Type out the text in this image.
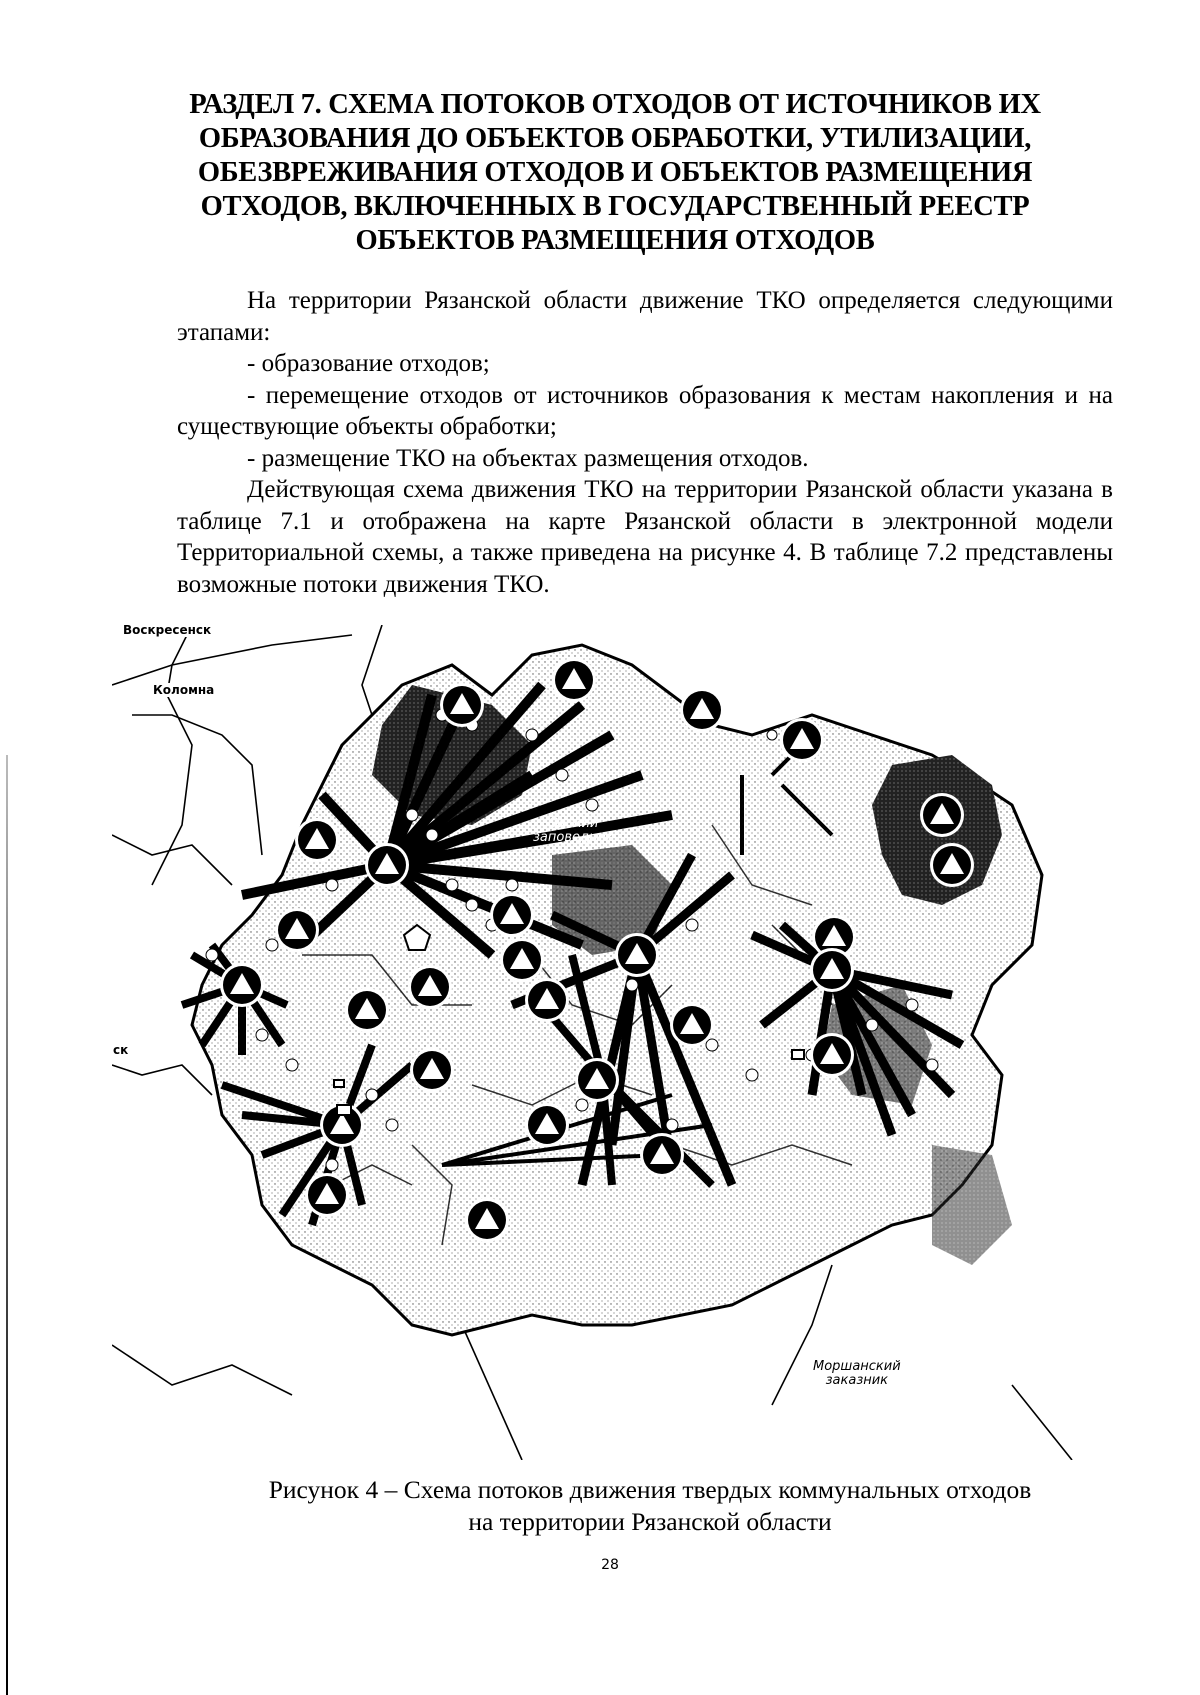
РАЗДЕЛ 7. СХЕМА ПОТОКОВ ОТХОДОВ ОТ ИСТОЧНИКОВ ИХ
ОБРАЗОВАНИЯ ДО ОБЪЕКТОВ ОБРАБОТКИ, УТИЛИЗАЦИИ,
ОБЕЗВРЕЖИВАНИЯ ОТХОДОВ И ОБЪЕКТОВ РАЗМЕЩЕНИЯ
ОТХОДОВ, ВКЛЮЧЕННЫХ В ГОСУДАРСТВЕННЫЙ РЕЕСТР
ОБЪЕКТОВ РАЗМЕЩЕНИЯ ОТХОДОВ
На территории Рязанской области движение ТКО определяется следующими этапами:
- образование отходов;
- перемещение отходов от источников образования к местам накопления и на существующие объекты обработки;
- размещение ТКО на объектах размещения отходов.
Действующая схема движения ТКО на территории Рязанской области указана в таблице 7.1 и отображена на карте Рязанской области в электронной модели Территориальной схемы, а также приведена на рисунке 4. В таблице 7.2 представлены возможные потоки движения ТКО.
Воскресенск
Коломна
ск
Окский
заповедник
Моршанский
заказник
Рисунок 4 – Схема потоков движения твердых коммунальных отходов
на территории Рязанской области
28
